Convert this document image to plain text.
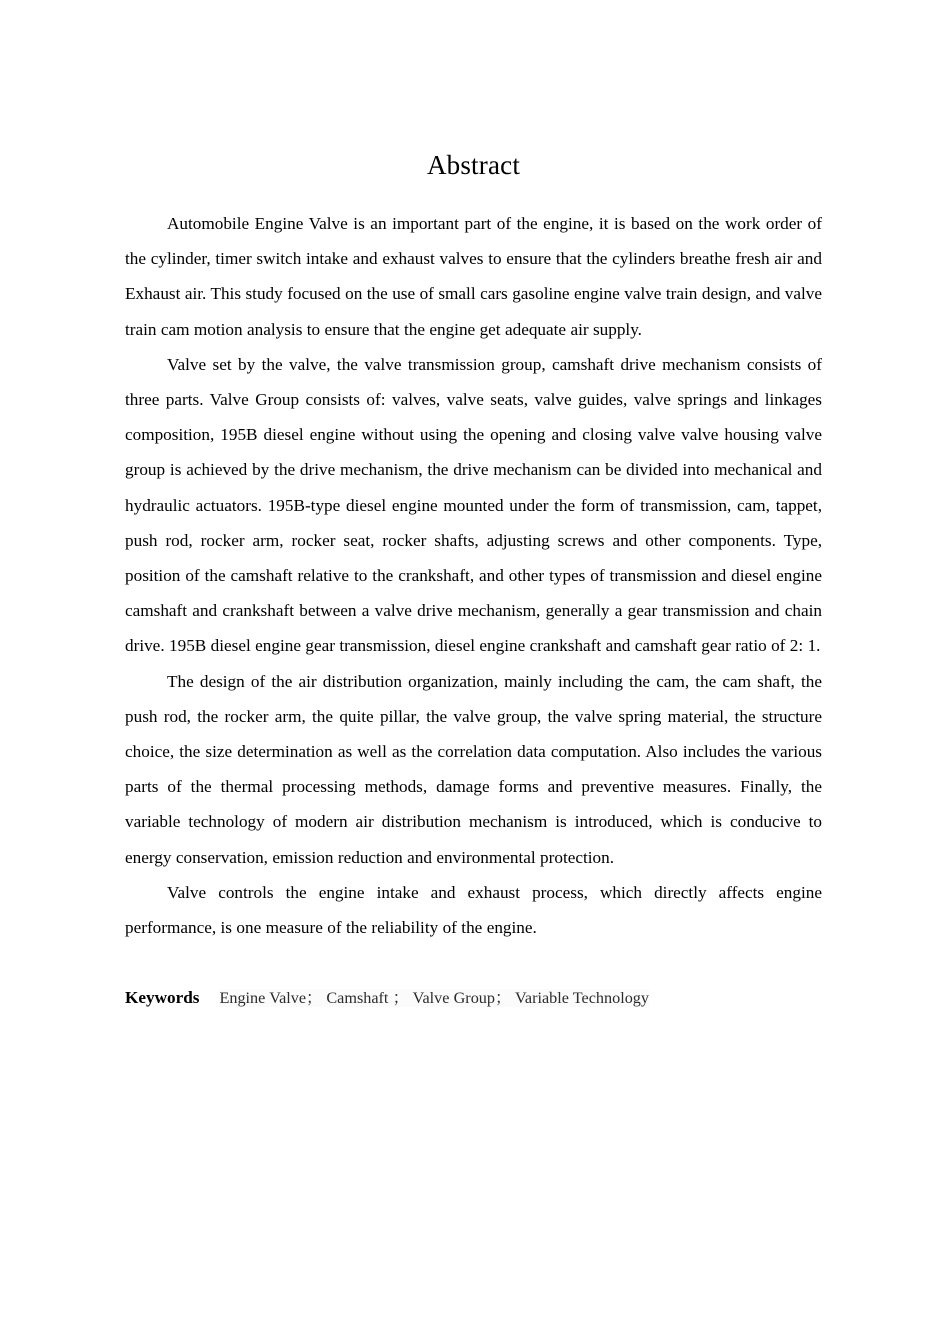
Abstract

Automobile Engine Valve is an important part of the engine, it is based on the work order of the cylinder, timer switch intake and exhaust valves to ensure that the cylinders breathe fresh air and Exhaust air. This study focused on the use of small cars gasoline engine valve train design, and valve train cam motion analysis to ensure that the engine get adequate air supply.

Valve set by the valve, the valve transmission group, camshaft drive mechanism consists of three parts. Valve Group consists of: valves, valve seats, valve guides, valve springs and linkages composition, 195B diesel engine without using the opening and closing valve valve housing valve group is achieved by the drive mechanism, the drive mechanism can be divided into mechanical and hydraulic actuators. 195B-type diesel engine mounted under the form of transmission, cam, tappet, push rod, rocker arm, rocker seat, rocker shafts, adjusting screws and other components. Type, position of the camshaft relative to the crankshaft, and other types of transmission and diesel engine camshaft and crankshaft between a valve drive mechanism, generally a gear transmission and chain drive. 195B diesel engine gear transmission, diesel engine crankshaft and camshaft gear ratio of 2: 1.

The design of the air distribution organization, mainly including the cam, the cam shaft, the push rod, the rocker arm, the quite pillar, the valve group, the valve spring material, the structure choice, the size determination as well as the correlation data computation. Also includes the various parts of the thermal processing methods, damage forms and preventive measures. Finally, the variable technology of modern air distribution mechanism is introduced, which is conducive to energy conservation, emission reduction and environmental protection.

Valve controls the engine intake and exhaust process, which directly affects engine performance, is one measure of the reliability of the engine.

Keywords Engine Valve； Camshaft ； Valve Group； Variable Technology
